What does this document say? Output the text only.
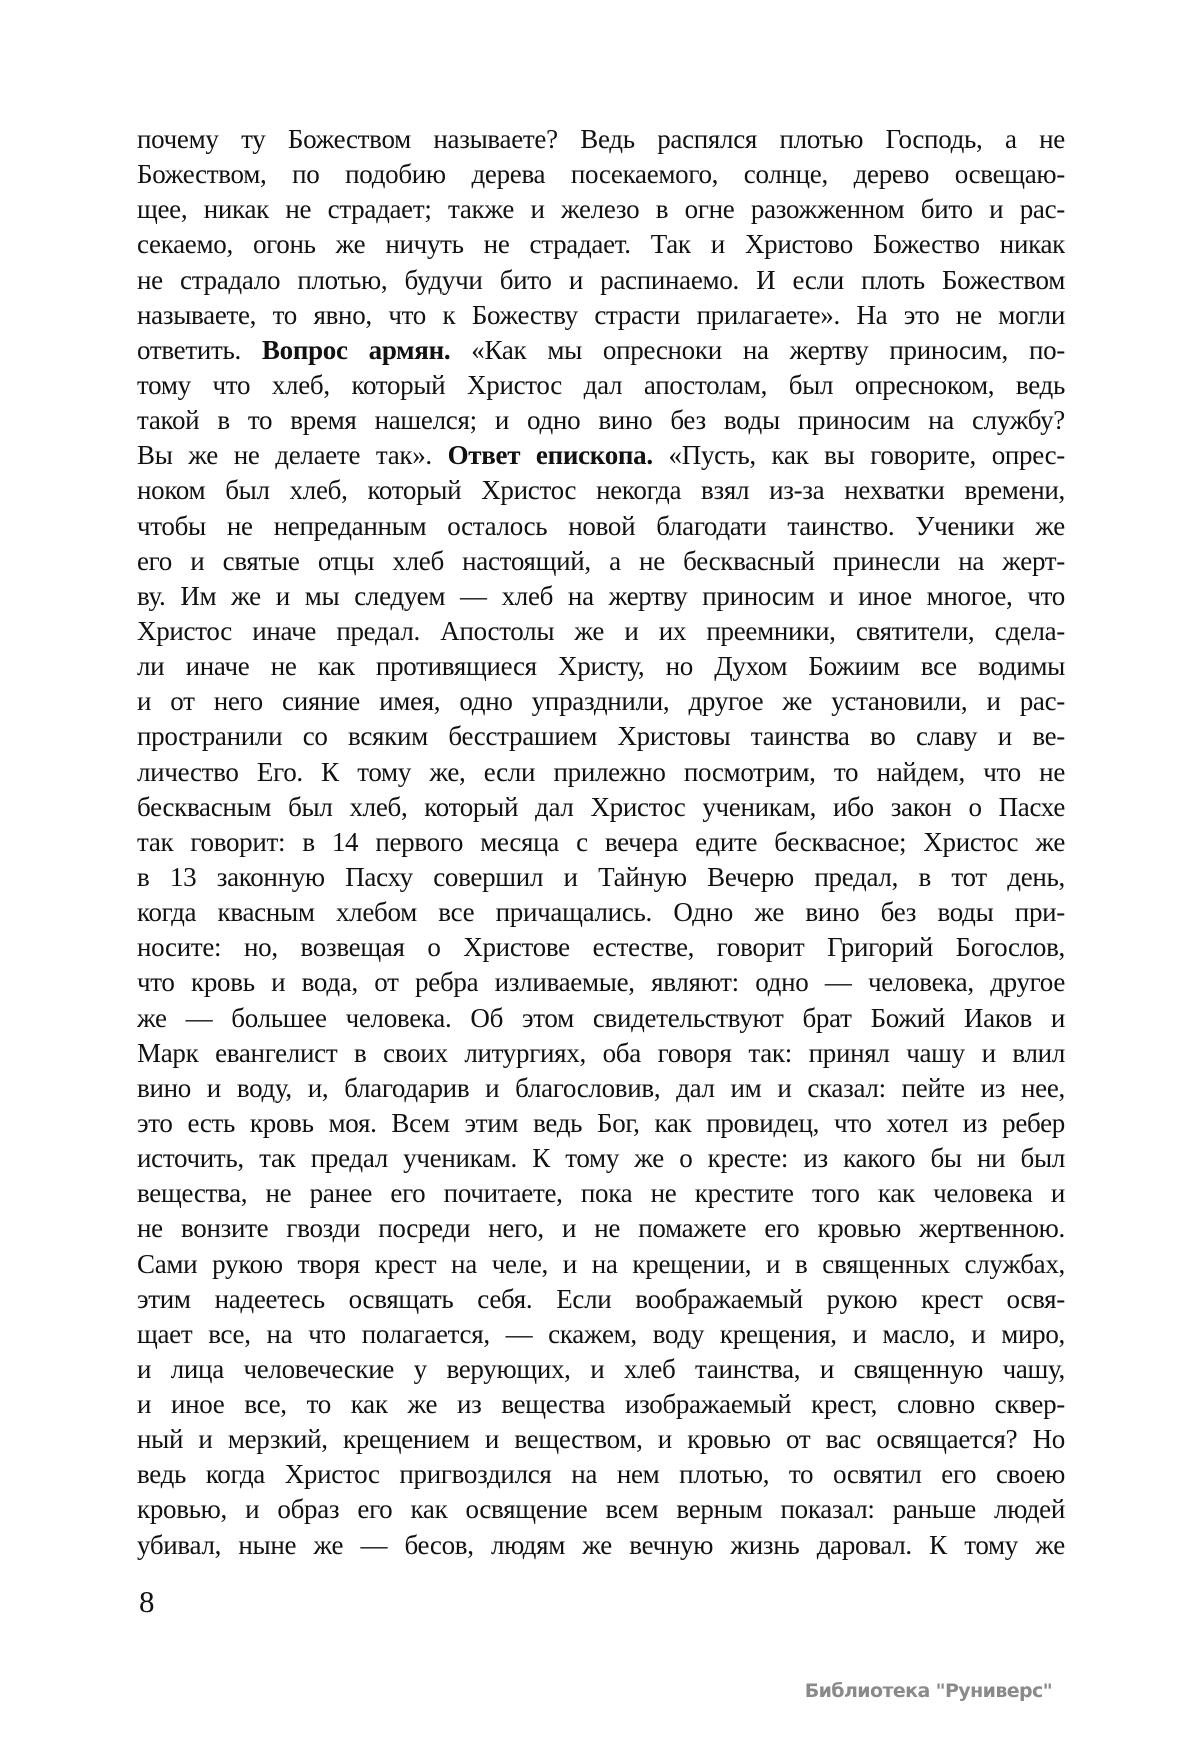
почему ту Божеством называете? Ведь распялся плотью Господь, а не
Божеством, по подобию дерева посекаемого, солнце, дерево освещаю-
щее, никак не страдает; также и железо в огне разожженном бито и рас-
секаемо, огонь же ничуть не страдает. Так и Христово Божество никак
не страдало плотью, будучи бито и распинаемо. И если плоть Божеством
называете, то явно, что к Божеству страсти прилагаете». На это не могли
ответить. Вопрос армян. «Как мы опресноки на жертву приносим, по-
тому что хлеб, который Христос дал апостолам, был опресноком, ведь
такой в то время нашелся; и одно вино без воды приносим на службу?
Вы же не делаете так». Ответ епископа. «Пусть, как вы говорите, опрес-
ноком был хлеб, который Христос некогда взял из-за нехватки времени,
чтобы не непреданным осталось новой благодати таинство. Ученики же
его и святые отцы хлеб настоящий, а не бесквасный принесли на жерт-
ву. Им же и мы следуем — хлеб на жертву приносим и иное многое, что
Христос иначе предал. Апостолы же и их преемники, святители, сдела-
ли иначе не как противящиеся Христу, но Духом Божиим все водимы
и от него сияние имея, одно упразднили, другое же установили, и рас-
пространили со всяким бесстрашием Христовы таинства во славу и ве-
личество Его. К тому же, если прилежно посмотрим, то найдем, что не
бесквасным был хлеб, который дал Христос ученикам, ибо закон о Пасхе
так говорит: в 14 первого месяца с вечера едите бесквасное; Христос же
в 13 законную Пасху совершил и Тайную Вечерю предал, в тот день,
когда квасным хлебом все причащались. Одно же вино без воды при-
носите: но, возвещая о Христове естестве, говорит Григорий Богослов,
что кровь и вода, от ребра изливаемые, являют: одно — человека, другое
же — большее человека. Об этом свидетельствуют брат Божий Иаков и
Марк евангелист в своих литургиях, оба говоря так: принял чашу и влил
вино и воду, и, благодарив и благословив, дал им и сказал: пейте из нее,
это есть кровь моя. Всем этим ведь Бог, как провидец, что хотел из ребер
источить, так предал ученикам. К тому же о кресте: из какого бы ни был
вещества, не ранее его почитаете, пока не крестите того как человека и
не вонзите гвозди посреди него, и не помажете его кровью жертвенною.
Сами рукою творя крест на челе, и на крещении, и в священных службах,
этим надеетесь освящать себя. Если воображаемый рукою крест освя-
щает все, на что полагается, — скажем, воду крещения, и масло, и миро,
и лица человеческие у верующих, и хлеб таинства, и священную чашу,
и иное все, то как же из вещества изображаемый крест, словно сквер-
ный и мерзкий, крещением и веществом, и кровью от вас освящается? Но
ведь когда Христос пригвоздился на нем плотью, то освятил его своею
кровью, и образ его как освящение всем верным показал: раньше людей
убивал, ныне же — бесов, людям же вечную жизнь даровал. К тому же
8
Библиотека "Руниверс"
